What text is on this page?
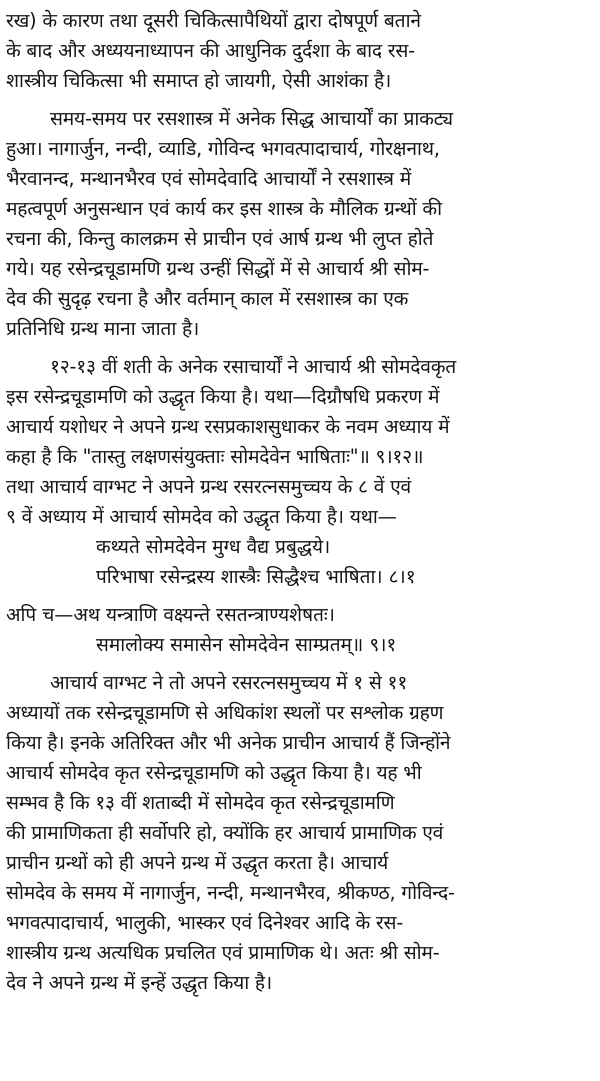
रख) के कारण तथा दूसरी चिकित्सापैथियों द्वारा दोषपूर्ण बताने
के बाद और अध्ययनाध्यापन की आधुनिक दुर्दशा के बाद रस-
शास्त्रीय चिकित्सा भी समाप्त हो जायगी, ऐसी आशंका है।
समय-समय पर रसशास्त्र में अनेक सिद्ध आचार्यों का प्राकट्य
हुआ। नागार्जुन, नन्दी, व्याडि, गोविन्द भगवत्पादाचार्य, गोरक्षनाथ,
भैरवानन्द, मन्थानभैरव एवं सोमदेवादि आचार्यों ने रसशास्त्र में
महत्वपूर्ण अनुसन्धान एवं कार्य कर इस शास्त्र के मौलिक ग्रन्थों की
रचना की, किन्तु कालक्रम से प्राचीन एवं आर्ष ग्रन्थ भी लुप्त होते
गये। यह रसेन्द्रचूडामणि ग्रन्थ उन्हीं सिद्धों में से आचार्य श्री सोम-
देव की सुदृढ़ रचना है और वर्तमान् काल में रसशास्त्र का एक
प्रतिनिधि ग्रन्थ माना जाता है।
१२-१३ वीं शती के अनेक रसाचार्यों ने आचार्य श्री सोमदेवकृत
इस रसेन्द्रचूडामणि को उद्धृत किया है। यथा—दिग्रौषधि प्रकरण में
आचार्य यशोधर ने अपने ग्रन्थ रसप्रकाशसुधाकर के नवम अध्याय में
कहा है कि "तास्तु लक्षणसंयुक्ताः सोमदेवेन भाषिताः"॥ ९।१२॥
तथा आचार्य वाग्भट ने अपने ग्रन्थ रसरत्नसमुच्चय के ८ वें एवं
९ वें अध्याय में आचार्य सोमदेव को उद्धृत किया है। यथा—
कथ्यते सोमदेवेन मुग्ध वैद्य प्रबुद्धये।
परिभाषा रसेन्द्रस्य शास्त्रैः सिद्धैश्च भाषिता। ८।१
अपि च—अथ यन्त्राणि वक्ष्यन्ते रसतन्त्राण्यशेषतः।
समालोक्य समासेन सोमदेवेन साम्प्रतम्॥ ९।१
आचार्य वाग्भट ने तो अपने रसरत्नसमुच्चय में १ से ११
अध्यायों तक रसेन्द्रचूडामणि से अधिकांश स्थलों पर सश्लोक ग्रहण
किया है। इनके अतिरिक्त और भी अनेक प्राचीन आचार्य हैं जिन्होंने
आचार्य सोमदेव कृत रसेन्द्रचूडामणि को उद्धृत किया है। यह भी
सम्भव है कि १३ वीं शताब्दी में सोमदेव कृत रसेन्द्रचूडामणि
की प्रामाणिकता ही सर्वोपरि हो, क्योंकि हर आचार्य प्रामाणिक एवं
प्राचीन ग्रन्थों को ही अपने ग्रन्थ में उद्धृत करता है। आचार्य
सोमदेव के समय में नागार्जुन, नन्दी, मन्थानभैरव, श्रीकण्ठ, गोविन्द-
भगवत्पादाचार्य, भालुकी, भास्कर एवं दिनेश्वर आदि के रस-
शास्त्रीय ग्रन्थ अत्यधिक प्रचलित एवं प्रामाणिक थे। अतः श्री सोम-
देव ने अपने ग्रन्थ में इन्हें उद्धृत किया है।
